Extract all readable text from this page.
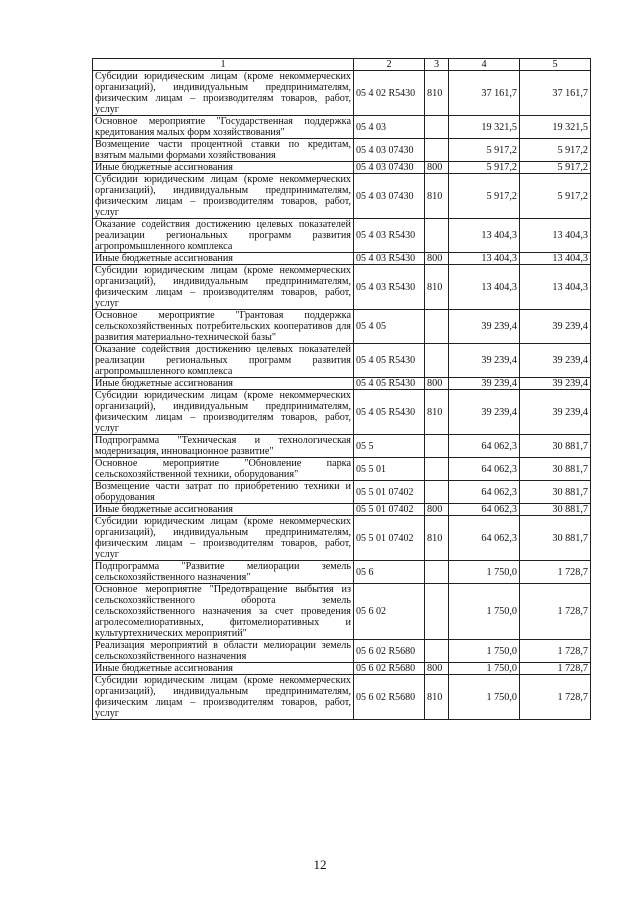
1	2	3	4	5
Субсидии юридическим лицам (кроме некоммерческих организаций), индивидуальным предпринимателям, физическим лицам – производителям товаров, работ, услуг	05 4 02 R5430	810	37 161,7	37 161,7
Основное мероприятие "Государственная поддержка кредитования малых форм хозяйствования"	05 4 03		19 321,5	19 321,5
Возмещение части процентной ставки по кредитам, взятым малыми формами хозяйствования	05 4 03 07430		5 917,2	5 917,2
Иные бюджетные ассигнования	05 4 03 07430	800	5 917,2	5 917,2
Субсидии юридическим лицам (кроме некоммерческих организаций), индивидуальным предпринимателям, физическим лицам – производителям товаров, работ, услуг	05 4 03 07430	810	5 917,2	5 917,2
Оказание содействия достижению целевых показателей реализации региональных программ развития агропромышленного комплекса	05 4 03 R5430		13 404,3	13 404,3
Иные бюджетные ассигнования	05 4 03 R5430	800	13 404,3	13 404,3
Субсидии юридическим лицам (кроме некоммерческих организаций), индивидуальным предпринимателям, физическим лицам – производителям товаров, работ, услуг	05 4 03 R5430	810	13 404,3	13 404,3
Основное мероприятие "Грантовая поддержка сельскохозяйственных потребительских кооперативов для развития материально-технической базы"	05 4 05		39 239,4	39 239,4
Оказание содействия достижению целевых показателей реализации региональных программ развития агропромышленного комплекса	05 4 05 R5430		39 239,4	39 239,4
Иные бюджетные ассигнования	05 4 05 R5430	800	39 239,4	39 239,4
Субсидии юридическим лицам (кроме некоммерческих организаций), индивидуальным предпринимателям, физическим лицам – производителям товаров, работ, услуг	05 4 05 R5430	810	39 239,4	39 239,4
Подпрограмма "Техническая и технологическая модернизация, инновационное развитие"	05 5		64 062,3	30 881,7
Основное мероприятие "Обновление парка сельскохозяйственной техники, оборудования"	05 5 01		64 062,3	30 881,7
Возмещение части затрат по приобретению техники и оборудования	05 5 01 07402		64 062,3	30 881,7
Иные бюджетные ассигнования	05 5 01 07402	800	64 062,3	30 881,7
Субсидии юридическим лицам (кроме некоммерческих организаций), индивидуальным предпринимателям, физическим лицам – производителям товаров, работ, услуг	05 5 01 07402	810	64 062,3	30 881,7
Подпрограмма "Развитие мелиорации земель сельскохозяйственного назначения"	05 6		1 750,0	1 728,7
Основное мероприятие "Предотвращение выбытия из сельскохозяйственного оборота земель сельскохозяйственного назначения за счет проведения агролесомелиоративных, фитомелиоративных и культуртехнических мероприятий"	05 6 02		1 750,0	1 728,7
Реализация мероприятий в области мелиорации земель сельскохозяйственного назначения	05 6 02 R5680		1 750,0	1 728,7
Иные бюджетные ассигнования	05 6 02 R5680	800	1 750,0	1 728,7
Субсидии юридическим лицам (кроме некоммерческих организаций), индивидуальным предпринимателям, физическим лицам – производителям товаров, работ, услуг	05 6 02 R5680	810	1 750,0	1 728,7
12
